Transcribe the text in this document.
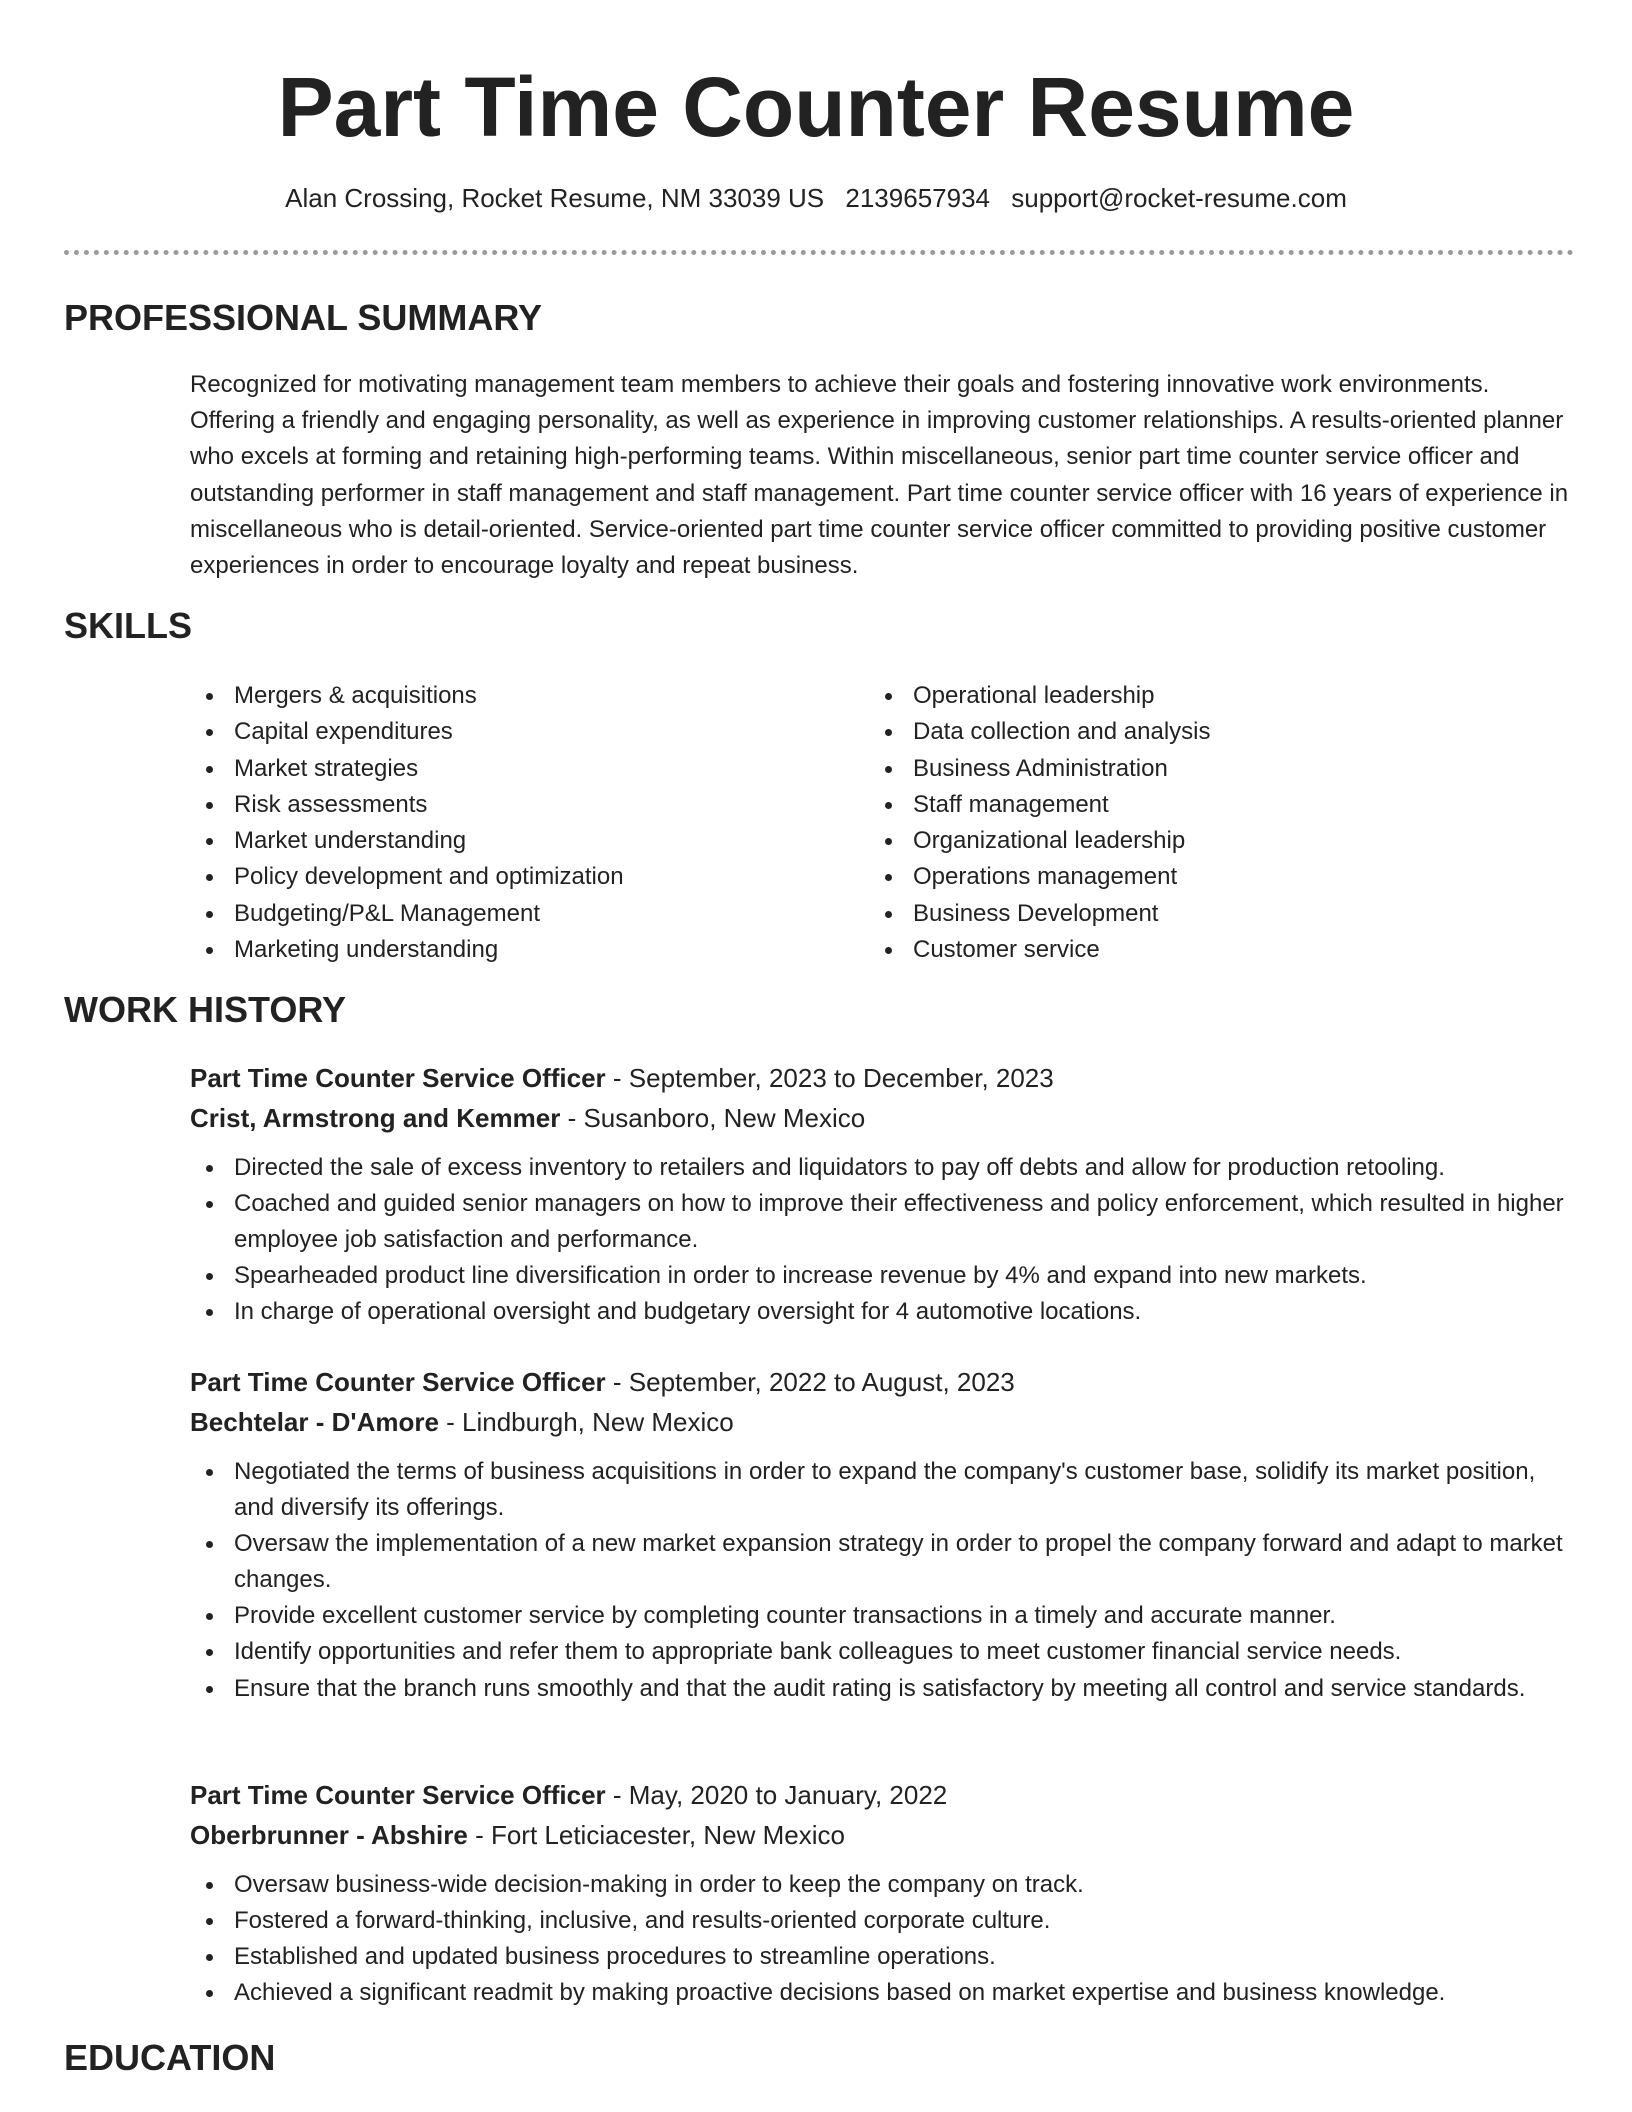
Part Time Counter Resume
Alan Crossing, Rocket Resume, NM 33039 US 2139657934 support@rocket-resume.com
PROFESSIONAL SUMMARY

Recognized for motivating management team members to achieve their goals and fostering innovative work environments. Offering a friendly and engaging personality, as well as experience in improving customer relationships. A results-oriented planner who excels at forming and retaining high-performing teams. Within miscellaneous, senior part time counter service officer and outstanding performer in staff management and staff management. Part time counter service officer with 16 years of experience in miscellaneous who is detail-oriented. Service-oriented part time counter service officer committed to providing positive customer experiences in order to encourage loyalty and repeat business.

SKILLS
Mergers & acquisitions
Capital expenditures
Market strategies
Risk assessments
Market understanding
Policy development and optimization
Budgeting/P&L Management
Marketing understanding
Operational leadership
Data collection and analysis
Business Administration
Staff management
Organizational leadership
Operations management
Business Development
Customer service
WORK HISTORY
Part Time Counter Service Officer - September, 2023 to December, 2023
Crist, Armstrong and Kemmer - Susanboro, New Mexico
Directed the sale of excess inventory to retailers and liquidators to pay off debts and allow for production retooling.
Coached and guided senior managers on how to improve their effectiveness and policy enforcement, which resulted in higher employee job satisfaction and performance.
Spearheaded product line diversification in order to increase revenue by 4% and expand into new markets.
In charge of operational oversight and budgetary oversight for 4 automotive locations.
Part Time Counter Service Officer - September, 2022 to August, 2023
Bechtelar - D'Amore - Lindburgh, New Mexico
Negotiated the terms of business acquisitions in order to expand the company's customer base, solidify its market position, and diversify its offerings.
Oversaw the implementation of a new market expansion strategy in order to propel the company forward and adapt to market changes.
Provide excellent customer service by completing counter transactions in a timely and accurate manner.
Identify opportunities and refer them to appropriate bank colleagues to meet customer financial service needs.
Ensure that the branch runs smoothly and that the audit rating is satisfactory by meeting all control and service standards.
Part Time Counter Service Officer - May, 2020 to January, 2022
Oberbrunner - Abshire - Fort Leticiacester, New Mexico
Oversaw business-wide decision-making in order to keep the company on track.
Fostered a forward-thinking, inclusive, and results-oriented corporate culture.
Established and updated business procedures to streamline operations.
Achieved a significant readmit by making proactive decisions based on market expertise and business knowledge.
EDUCATION
